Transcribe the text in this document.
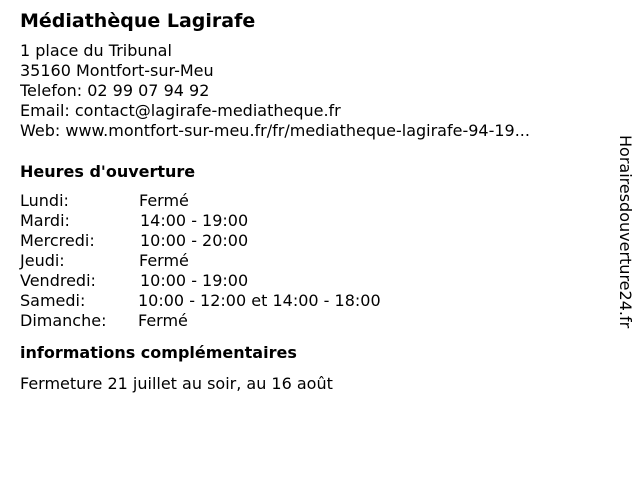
Médiathèque Lagirafe
1 place du Tribunal
35160 Montfort-sur-Meu
Telefon: 02 99 07 94 92
Email: contact@lagirafe-mediatheque.fr
Web: www.montfort-sur-meu.fr/fr/mediatheque-lagirafe-94-19...
Heures d'ouverture
Lundi:	Fermé
Mardi:	14:00 - 19:00
Mercredi:	10:00 - 20:00
Jeudi:	Fermé
Vendredi:	10:00 - 19:00
Samedi:	10:00 - 12:00 et 14:00 - 18:00
Dimanche:	Fermé
informations complémentaires
Fermeture 21 juillet au soir, au 16 août
Horairesdouverture24.fr
